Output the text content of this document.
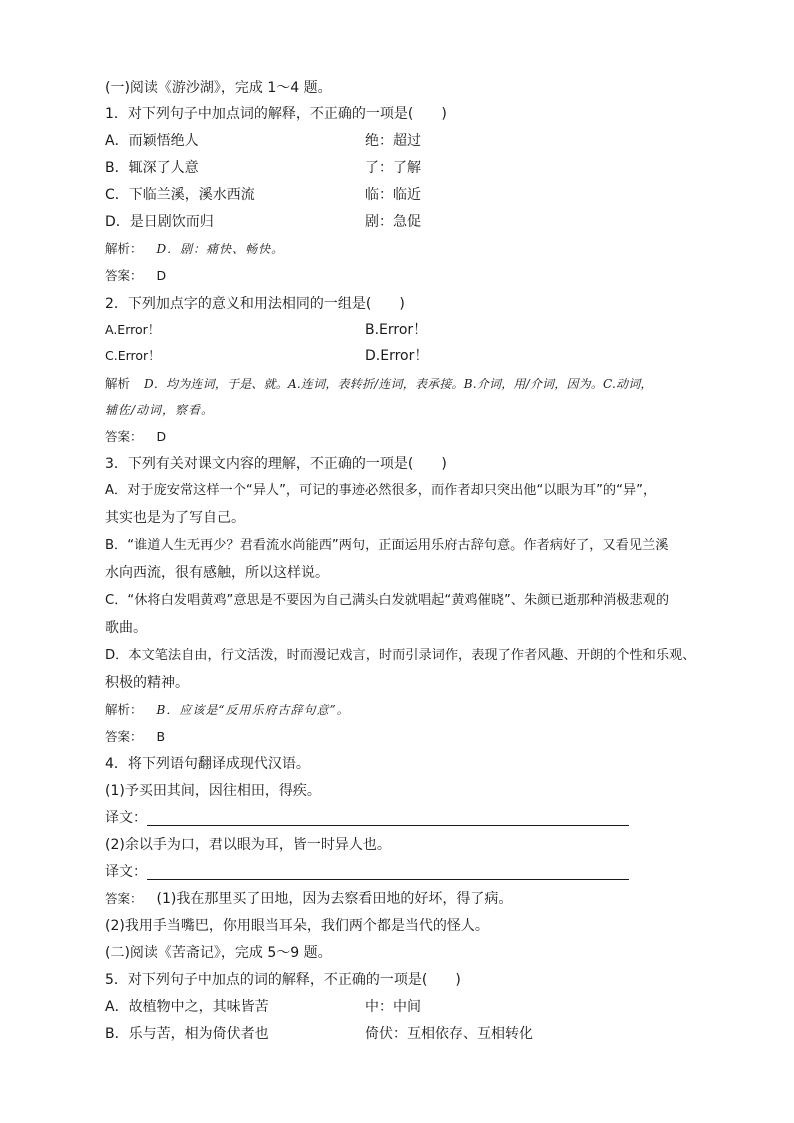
(一)阅读《游沙湖》，完成 1～4 题。
1．对下列句子中加点词的解释，不正确的一项是(　　)
A．而颖悟绝人	绝：超过
B．辄深了人意	了：了解
C．下临兰溪，溪水西流	临：临近
D．是日剧饮而归	剧：急促
解析： D．剧：痛快、畅快。
答案： D
2．下列加点字的意义和用法相同的一组是(　　)
A.Error！	B.Error！
C.Error！	D.Error！
解析 D．均为连词，于是、就。A.连词，表转折/连词，表承接。B.介词，用/介词，因为。C.动词，
辅佐/动词，察看。
答案： D
3．下列有关对课文内容的理解，不正确的一项是(　　)
A．对于庞安常这样一个“异人”，可记的事迹必然很多，而作者却只突出他“以眼为耳”的“异”，
其实也是为了写自己。
B．“谁道人生无再少？君看流水尚能西”两句，正面运用乐府古辞句意。作者病好了，又看见兰溪
水向西流，很有感触，所以这样说。
C．“休将白发唱黄鸡”意思是不要因为自己满头白发就唱起“黄鸡催晓”、朱颜已逝那种消极悲观的
歌曲。
D．本文笔法自由，行文活泼，时而漫记戏言，时而引录词作，表现了作者风趣、开朗的个性和乐观、
积极的精神。
解析： B．应该是“反用乐府古辞句意”。
答案： B
4．将下列语句翻译成现代汉语。
(1)予买田其间，因往相田，得疾。
译文：
(2)余以手为口，君以眼为耳，皆一时异人也。
译文：
答案： (1)我在那里买了田地，因为去察看田地的好坏，得了病。
(2)我用手当嘴巴，你用眼当耳朵，我们两个都是当代的怪人。
(二)阅读《苦斋记》，完成 5～9 题。
5．对下列句子中加点的词的解释，不正确的一项是(　　)
A．故植物中之，其味皆苦	中：中间
B．乐与苦，相为倚伏者也	倚伏：互相依存、互相转化
